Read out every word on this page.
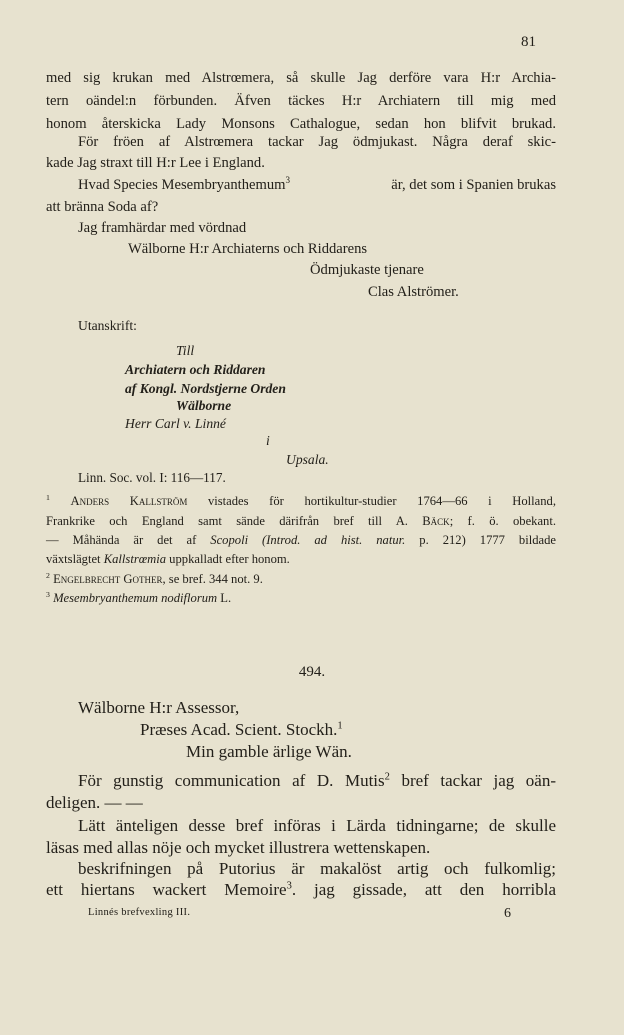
81
med sig krukan med Alstrœmera, så skulle Jag derföre vara H:r Archia-
tern oändel:n förbunden. Äfven täckes H:r Archiatern till mig med
honom återskicka Lady Monsons Cathalogue, sedan hon blifvit brukad.
För fröen af Alstrœmera tackar Jag ödmjukast. Några deraf skic-
kade Jag straxt till H:r Lee i England.
Hvad Species Mesembryanthemum$^3$	är, det som i Spanien brukas
att bränna Soda af?
Jag framhärdar med vördnad
Wälborne H:r Archiaterns och Riddarens
Ödmjukaste tjenare
Clas Alströmer.
Utanskrift:
Till
Archiatern och Riddaren
af Kongl. Nordstjerne Orden
Wälborne
Herr Carl v. Linné
i
Upsala.
Linn. Soc. vol. I: 116—117.
$^1$ Anders Kallström vistades för hortikultur-studier 1764—66 i Holland,
Frankrike och England samt sände därifrån bref till A. Bäck; f. ö. obekant.
— Måhända är det af Scopoli (Introd. ad hist. natur. p. 212) 1777 bildade
växtslägtet Kallstrœmia uppkalladt efter honom.
$^2$ Engelbrecht Gother, se bref. 344 not. 9.
$^3$ Mesembryanthemum nodiflorum L.
494.
Wälborne H:r Assessor,
Præses Acad. Scient. Stockh.$^1$
Min gamble ärlige Wän.
För gunstig communication af D. Mutis$^2$ bref tackar jag oän-
deligen. — —
Lätt änteligen desse bref införas i Lärda tidningarne; de skulle
läsas med allas nöje och mycket illustrera wettenskapen.
beskrifningen på Putorius är makalöst artig och fulkomlig;
ett hiertans wackert Memoire$^3$. jag gissade, att den horribla
Linnés brefvexling III.	6
